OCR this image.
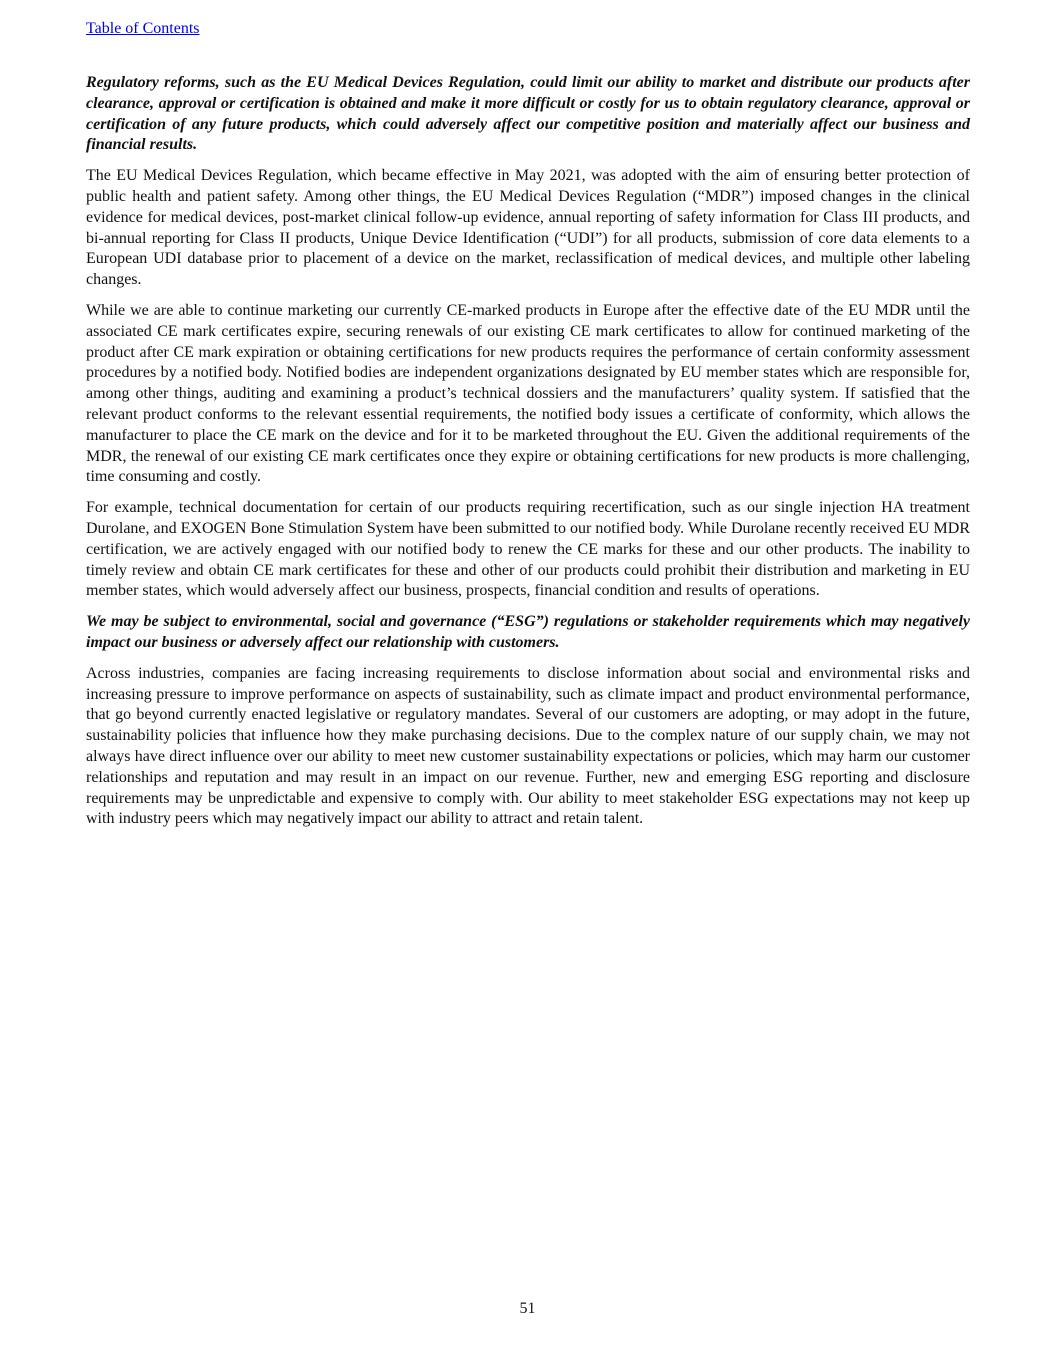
Table of Contents

Regulatory reforms, such as the EU Medical Devices Regulation, could limit our ability to market and distribute our products after clearance, approval or certification is obtained and make it more difficult or costly for us to obtain regulatory clearance, approval or certification of any future products, which could adversely affect our competitive position and materially affect our business and financial results.

The EU Medical Devices Regulation, which became effective in May 2021, was adopted with the aim of ensuring better protection of public health and patient safety. Among other things, the EU Medical Devices Regulation (“MDR”) imposed changes in the clinical evidence for medical devices, post-market clinical follow-up evidence, annual reporting of safety information for Class III products, and bi-annual reporting for Class II products, Unique Device Identification (“UDI”) for all products, submission of core data elements to a European UDI database prior to placement of a device on the market, reclassification of medical devices, and multiple other labeling changes.

While we are able to continue marketing our currently CE-marked products in Europe after the effective date of the EU MDR until the associated CE mark certificates expire, securing renewals of our existing CE mark certificates to allow for continued marketing of the product after CE mark expiration or obtaining certifications for new products requires the performance of certain conformity assessment procedures by a notified body. Notified bodies are independent organizations designated by EU member states which are responsible for, among other things, auditing and examining a product’s technical dossiers and the manufacturers’ quality system. If satisfied that the relevant product conforms to the relevant essential requirements, the notified body issues a certificate of conformity, which allows the manufacturer to place the CE mark on the device and for it to be marketed throughout the EU. Given the additional requirements of the MDR, the renewal of our existing CE mark certificates once they expire or obtaining certifications for new products is more challenging, time consuming and costly.

For example, technical documentation for certain of our products requiring recertification, such as our single injection HA treatment Durolane, and EXOGEN Bone Stimulation System have been submitted to our notified body. While Durolane recently received EU MDR certification, we are actively engaged with our notified body to renew the CE marks for these and our other products. The inability to timely review and obtain CE mark certificates for these and other of our products could prohibit their distribution and marketing in EU member states, which would adversely affect our business, prospects, financial condition and results of operations.

We may be subject to environmental, social and governance (“ESG”) regulations or stakeholder requirements which may negatively impact our business or adversely affect our relationship with customers.

Across industries, companies are facing increasing requirements to disclose information about social and environmental risks and increasing pressure to improve performance on aspects of sustainability, such as climate impact and product environmental performance, that go beyond currently enacted legislative or regulatory mandates. Several of our customers are adopting, or may adopt in the future, sustainability policies that influence how they make purchasing decisions. Due to the complex nature of our supply chain, we may not always have direct influence over our ability to meet new customer sustainability expectations or policies, which may harm our customer relationships and reputation and may result in an impact on our revenue. Further, new and emerging ESG reporting and disclosure requirements may be unpredictable and expensive to comply with. Our ability to meet stakeholder ESG expectations may not keep up with industry peers which may negatively impact our ability to attract and retain talent.

51
